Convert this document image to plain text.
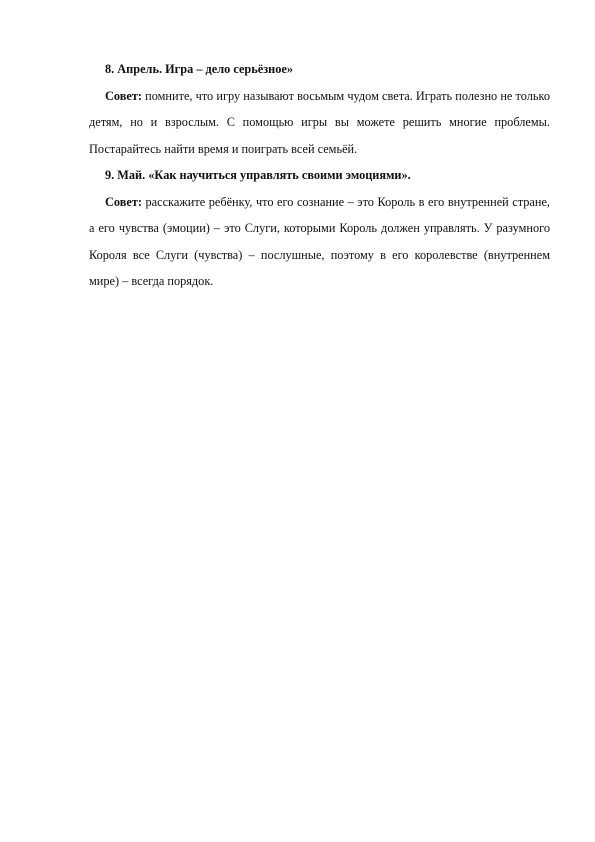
8. Апрель. Игра – дело серьёзное»

Совет: помните, что игру называют восьмым чудом света. Играть полезно не только детям, но и взрослым. С помощью игры вы можете решить многие проблемы. Постарайтесь найти время и поиграть всей семьёй.

9. Май. «Как научиться управлять своими эмоциями».

Совет: расскажите ребёнку, что его сознание – это Король в его внутренней стране, а его чувства (эмоции) – это Слуги, которыми Король должен управлять. У разумного Короля все Слуги (чувства) – послушные, поэтому в его королевстве (внутреннем мире) – всегда порядок.
